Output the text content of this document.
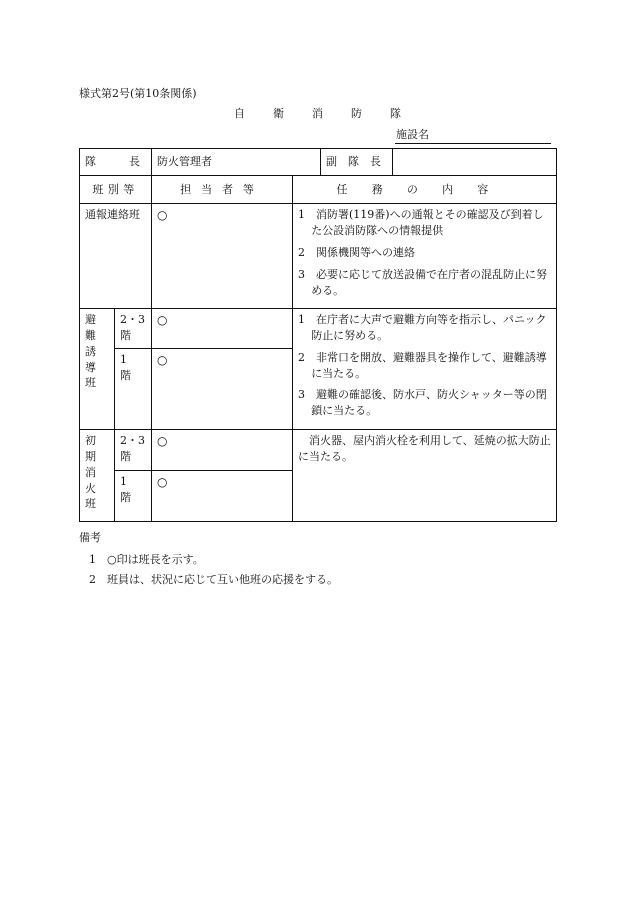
様式第2号(第10条関係)
自	衛	消	防	隊
施設名
隊　　　長		防火管理者		副　隊　長	
班別等		担当者等	任務の内容		
通報連絡班		○	1　消防署(119番)への通報とその確認及び到着した公設消防隊への情報提供

2　関係機関等への連絡

3　必要に応じて放送設備で在庁者の混乱防止に努める。		

避難誘導班	2・3階	○	1　在庁者に大声で避難方向等を指示し、パニック防止に努める。

2　非常口を開放、避難器具を操作して、避難誘導に当たる。

3　避難の確認後、防水戸、防火シャッター等の閉鎖に当たる。		

	1　階	○			
初期消火班	2・3階	○	　消火器、屋内消火栓を利用して、延焼の拡大防止に当たる。		

	1　階	○			
備考
1　○印は班長を示す。
2　班員は、状況に応じて互い他班の応援をする。
